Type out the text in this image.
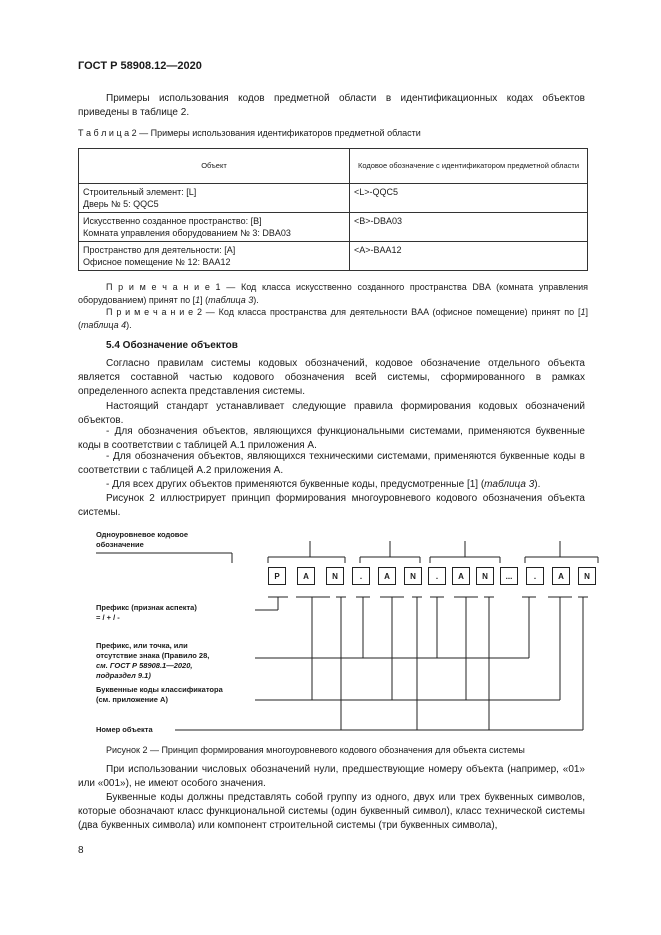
ГОСТ Р 58908.12—2020
Примеры использования кодов предметной области в идентификационных кодах объектов приведены в таблице 2.
Т а б л и ц а 2 — Примеры использования идентификаторов предметной области
Объект	Кодовое обозначение с идентификатором предметной области

Строительный элемент: [L]
Дверь № 5: QQC5	<L>-QQC5

Искусственно созданное пространство: [B]
Комната управления оборудованием № 3: DBA03	<B>-DBA03

Пространство для деятельности: [A]
Офисное помещение № 12: BAA12	<A>-BAA12
П р и м е ч а н и е 1 — Код класса искусственно созданного пространства DBA (комната управления оборудованием) принят по [1] (таблица 3).
П р и м е ч а н и е 2 — Код класса пространства для деятельности BAA (офисное помещение) принят по [1] (таблица 4).
5.4 Обозначение объектов
Согласно правилам системы кодовых обозначений, кодовое обозначение отдельного объекта является составной частью кодового обозначения всей системы, сформированного в рамках определенного аспекта представления системы.
Настоящий стандарт устанавливает следующие правила формирования кодовых обозначений объектов.
- Для обозначения объектов, являющихся функциональными системами, применяются буквенные коды в соответствии с таблицей А.1 приложения А.
- Для обозначения объектов, являющихся техническими системами, применяются буквенные коды в соответствии с таблицей А.2 приложения А.
- Для всех других объектов применяются буквенные коды, предусмотренные [1] (таблица 3).
Рисунок 2 иллюстрирует принцип формирования многоуровневого кодового обозначения объекта системы.
Одноуровневое кодовое
обозначение
P	A	N	.	A	N	.	A	N	...	.	A	N
Префикс (признак аспекта)
= / + / -
Префикс, или точка, или
отсутствие знака (Правило 28,
см. ГОСТ Р 58908.1—2020,
подраздел 9.1)
Буквенные коды классификатора
(см. приложение А)
Номер объекта
Рисунок 2 — Принцип формирования многоуровневого кодового обозначения для объекта системы
При использовании числовых обозначений нули, предшествующие номеру объекта (например, «01» или «001»), не имеют особого значения.
Буквенные коды должны представлять собой группу из одного, двух или трех буквенных символов, которые обозначают класс функциональной системы (один буквенный символ), класс технической системы (два буквенных символа) или компонент строительной системы (три буквенных символа),
8
